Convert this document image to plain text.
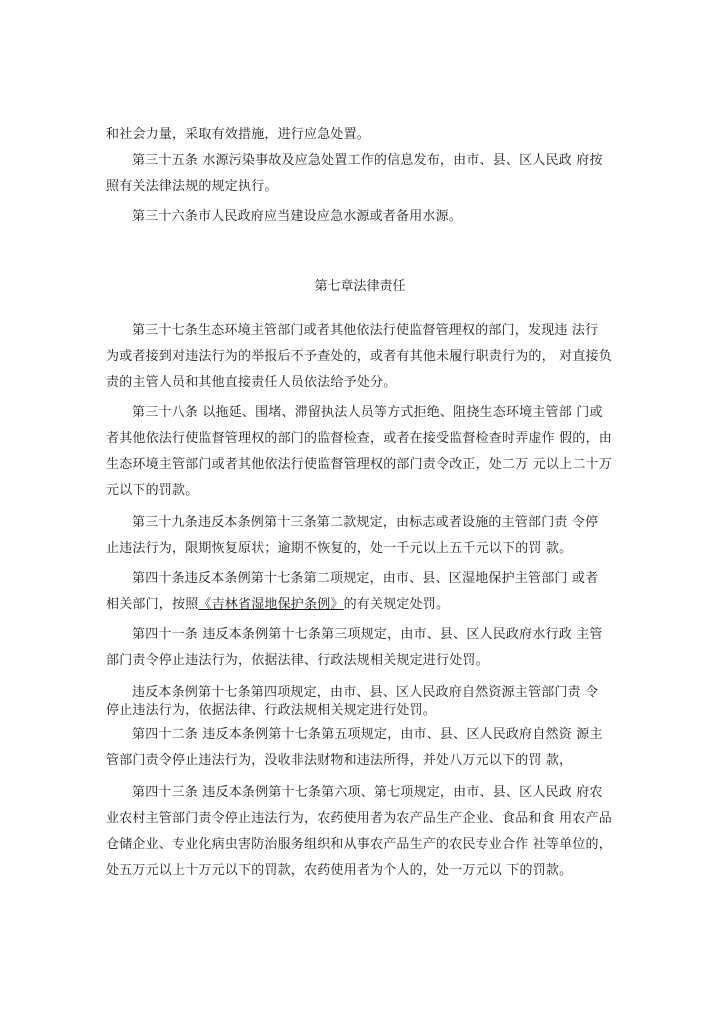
和社会力量，采取有效措施，进行应急处置。

第三十五条 水源污染事故及应急处置工作的信息发布，由市、县、区人民政 府按
照有关法律法规的规定执行。

第三十六条市人民政府应当建设应急水源或者备用水源。

第七章法律责任

第三十七条生态环境主管部门或者其他依法行使监督管理权的部门，发现违 法行
为或者接到对违法行为的举报后不予查处的，或者有其他未履行职责行为的， 对直接负
责的主管人员和其他直接责任人员依法给予处分。

第三十八条 以拖延、围堵、滞留执法人员等方式拒绝、阻挠生态环境主管部 门或
者其他依法行使监督管理权的部门的监督检查，或者在接受监督检查时弄虚作 假的，由
生态环境主管部门或者其他依法行使监督管理权的部门责令改正，处二万 元以上二十万
元以下的罚款。

第三十九条违反本条例第十三条第二款规定，由标志或者设施的主管部门责 令停
止违法行为，限期恢复原状；逾期不恢复的，处一千元以上五千元以下的罚 款。

第四十条违反本条例第十七条第二项规定，由市、县、区湿地保护主管部门 或者
相关部门，按照《吉林省湿地保护条例》的有关规定处罚。

第四十一条 违反本条例第十七条第三项规定，由市、县、区人民政府水行政 主管
部门责令停止违法行为，依据法律、行政法规相关规定进行处罚。

违反本条例第十七条第四项规定，由市、县、区人民政府自然资源主管部门责 令
停止违法行为，依据法律、行政法规相关规定进行处罚。

第四十二条 违反本条例第十七条第五项规定，由市、县、区人民政府自然资 源主
管部门责令停止违法行为，没收非法财物和违法所得，并处八万元以下的罚 款，

第四十三条 违反本条例第十七条第六项、第七项规定，由市、县、区人民政 府农
业农村主管部门责令停止违法行为，农药使用者为农产品生产企业、食品和食 用农产品
仓储企业、专业化病虫害防治服务组织和从事农产品生产的农民专业合作 社等单位的，
处五万元以上十万元以下的罚款，农药使用者为个人的，处一万元以 下的罚款。
